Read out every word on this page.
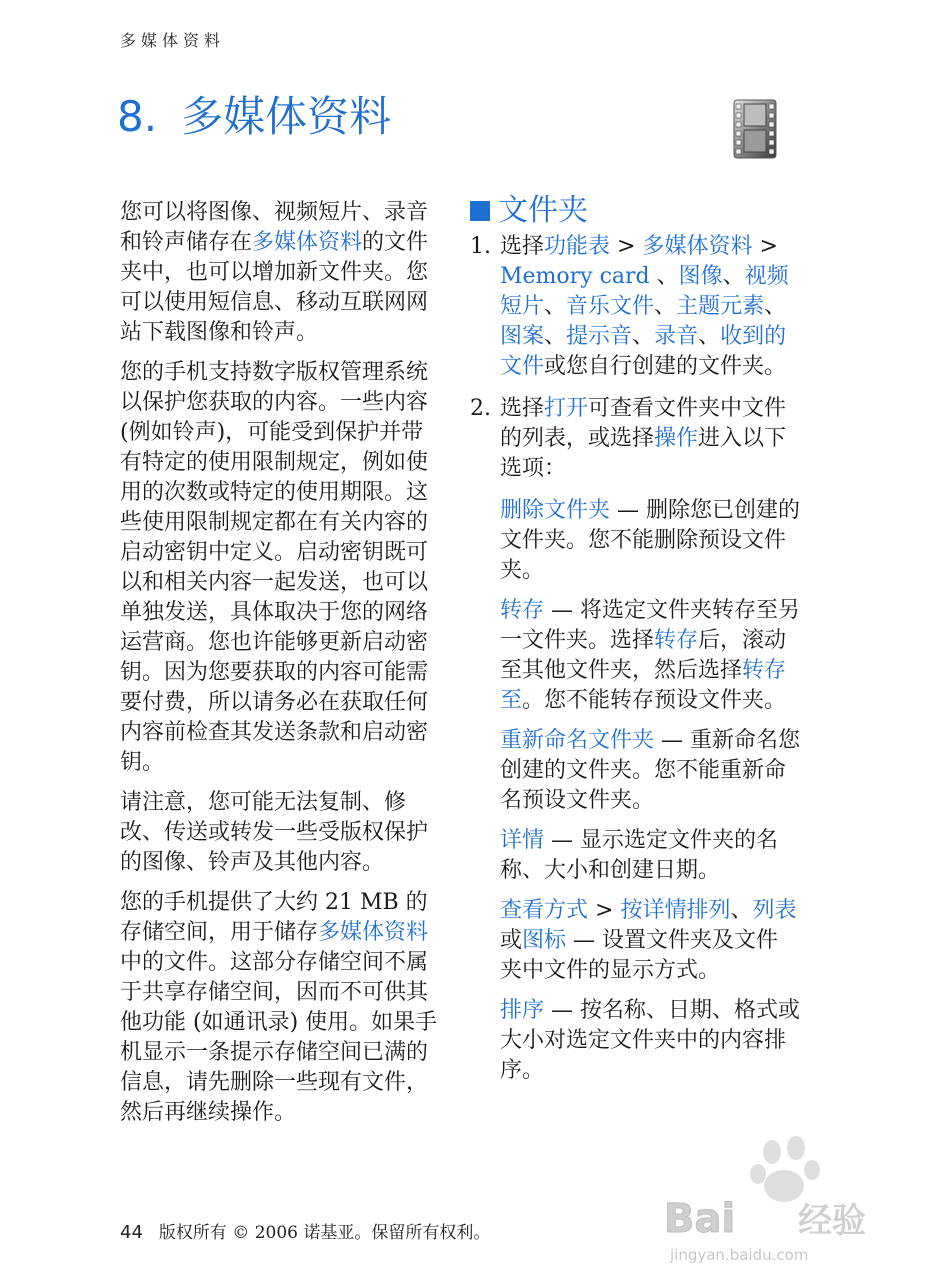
多媒体资料
8. 多媒体资料

您可以将图像、视频短片、录音和铃声储存在多媒体资料的文件夹中，也可以增加新文件夹。您可以使用短信息、移动互联网网站下载图像和铃声。

您的手机支持数字版权管理系统以保护您获取的内容。一些内容 (例如铃声)，可能受到保护并带有特定的使用限制规定，例如使用的次数或特定的使用期限。这些使用限制规定都在有关内容的启动密钥中定义。启动密钥既可以和相关内容一起发送，也可以单独发送，具体取决于您的网络运营商。您也许能够更新启动密钥。因为您要获取的内容可能需要付费，所以请务必在获取任何内容前检查其发送条款和启动密钥。

请注意，您可能无法复制、修改、传送或转发一些受版权保护的图像、铃声及其他内容。

您的手机提供了大约 21 MB 的存储空间，用于储存多媒体资料中的文件。这部分存储空间不属于共享存储空间，因而不可供其他功能 (如通讯录) 使用。如果手机显示一条提示存储空间已满的信息，请先删除一些现有文件，然后再继续操作。

文件夹
1. 选择功能表 > 多媒体资料 > Memory card 、图像、视频短片、音乐文件、主题元素、图案、提示音、录音、收到的文件或您自行创建的文件夹。
2. 选择打开可查看文件夹中文件的列表，或选择操作进入以下选项：

删除文件夹 — 删除您已创建的文件夹。您不能删除预设文件夹。

转存 — 将选定文件夹转存至另一文件夹。选择转存后，滚动至其他文件夹，然后选择转存至。您不能转存预设文件夹。

重新命名文件夹 — 重新命名您创建的文件夹。您不能重新命名预设文件夹。

详情 — 显示选定文件夹的名称、大小和创建日期。

查看方式 > 按详情排列、列表或图标 — 设置文件夹及文件夹中文件的显示方式。

排序 — 按名称、日期、格式或大小对选定文件夹中的内容排序。

44 版权所有 © 2006 诺基亚。保留所有权利。	Bai 经验
jingyan.baidu.com
